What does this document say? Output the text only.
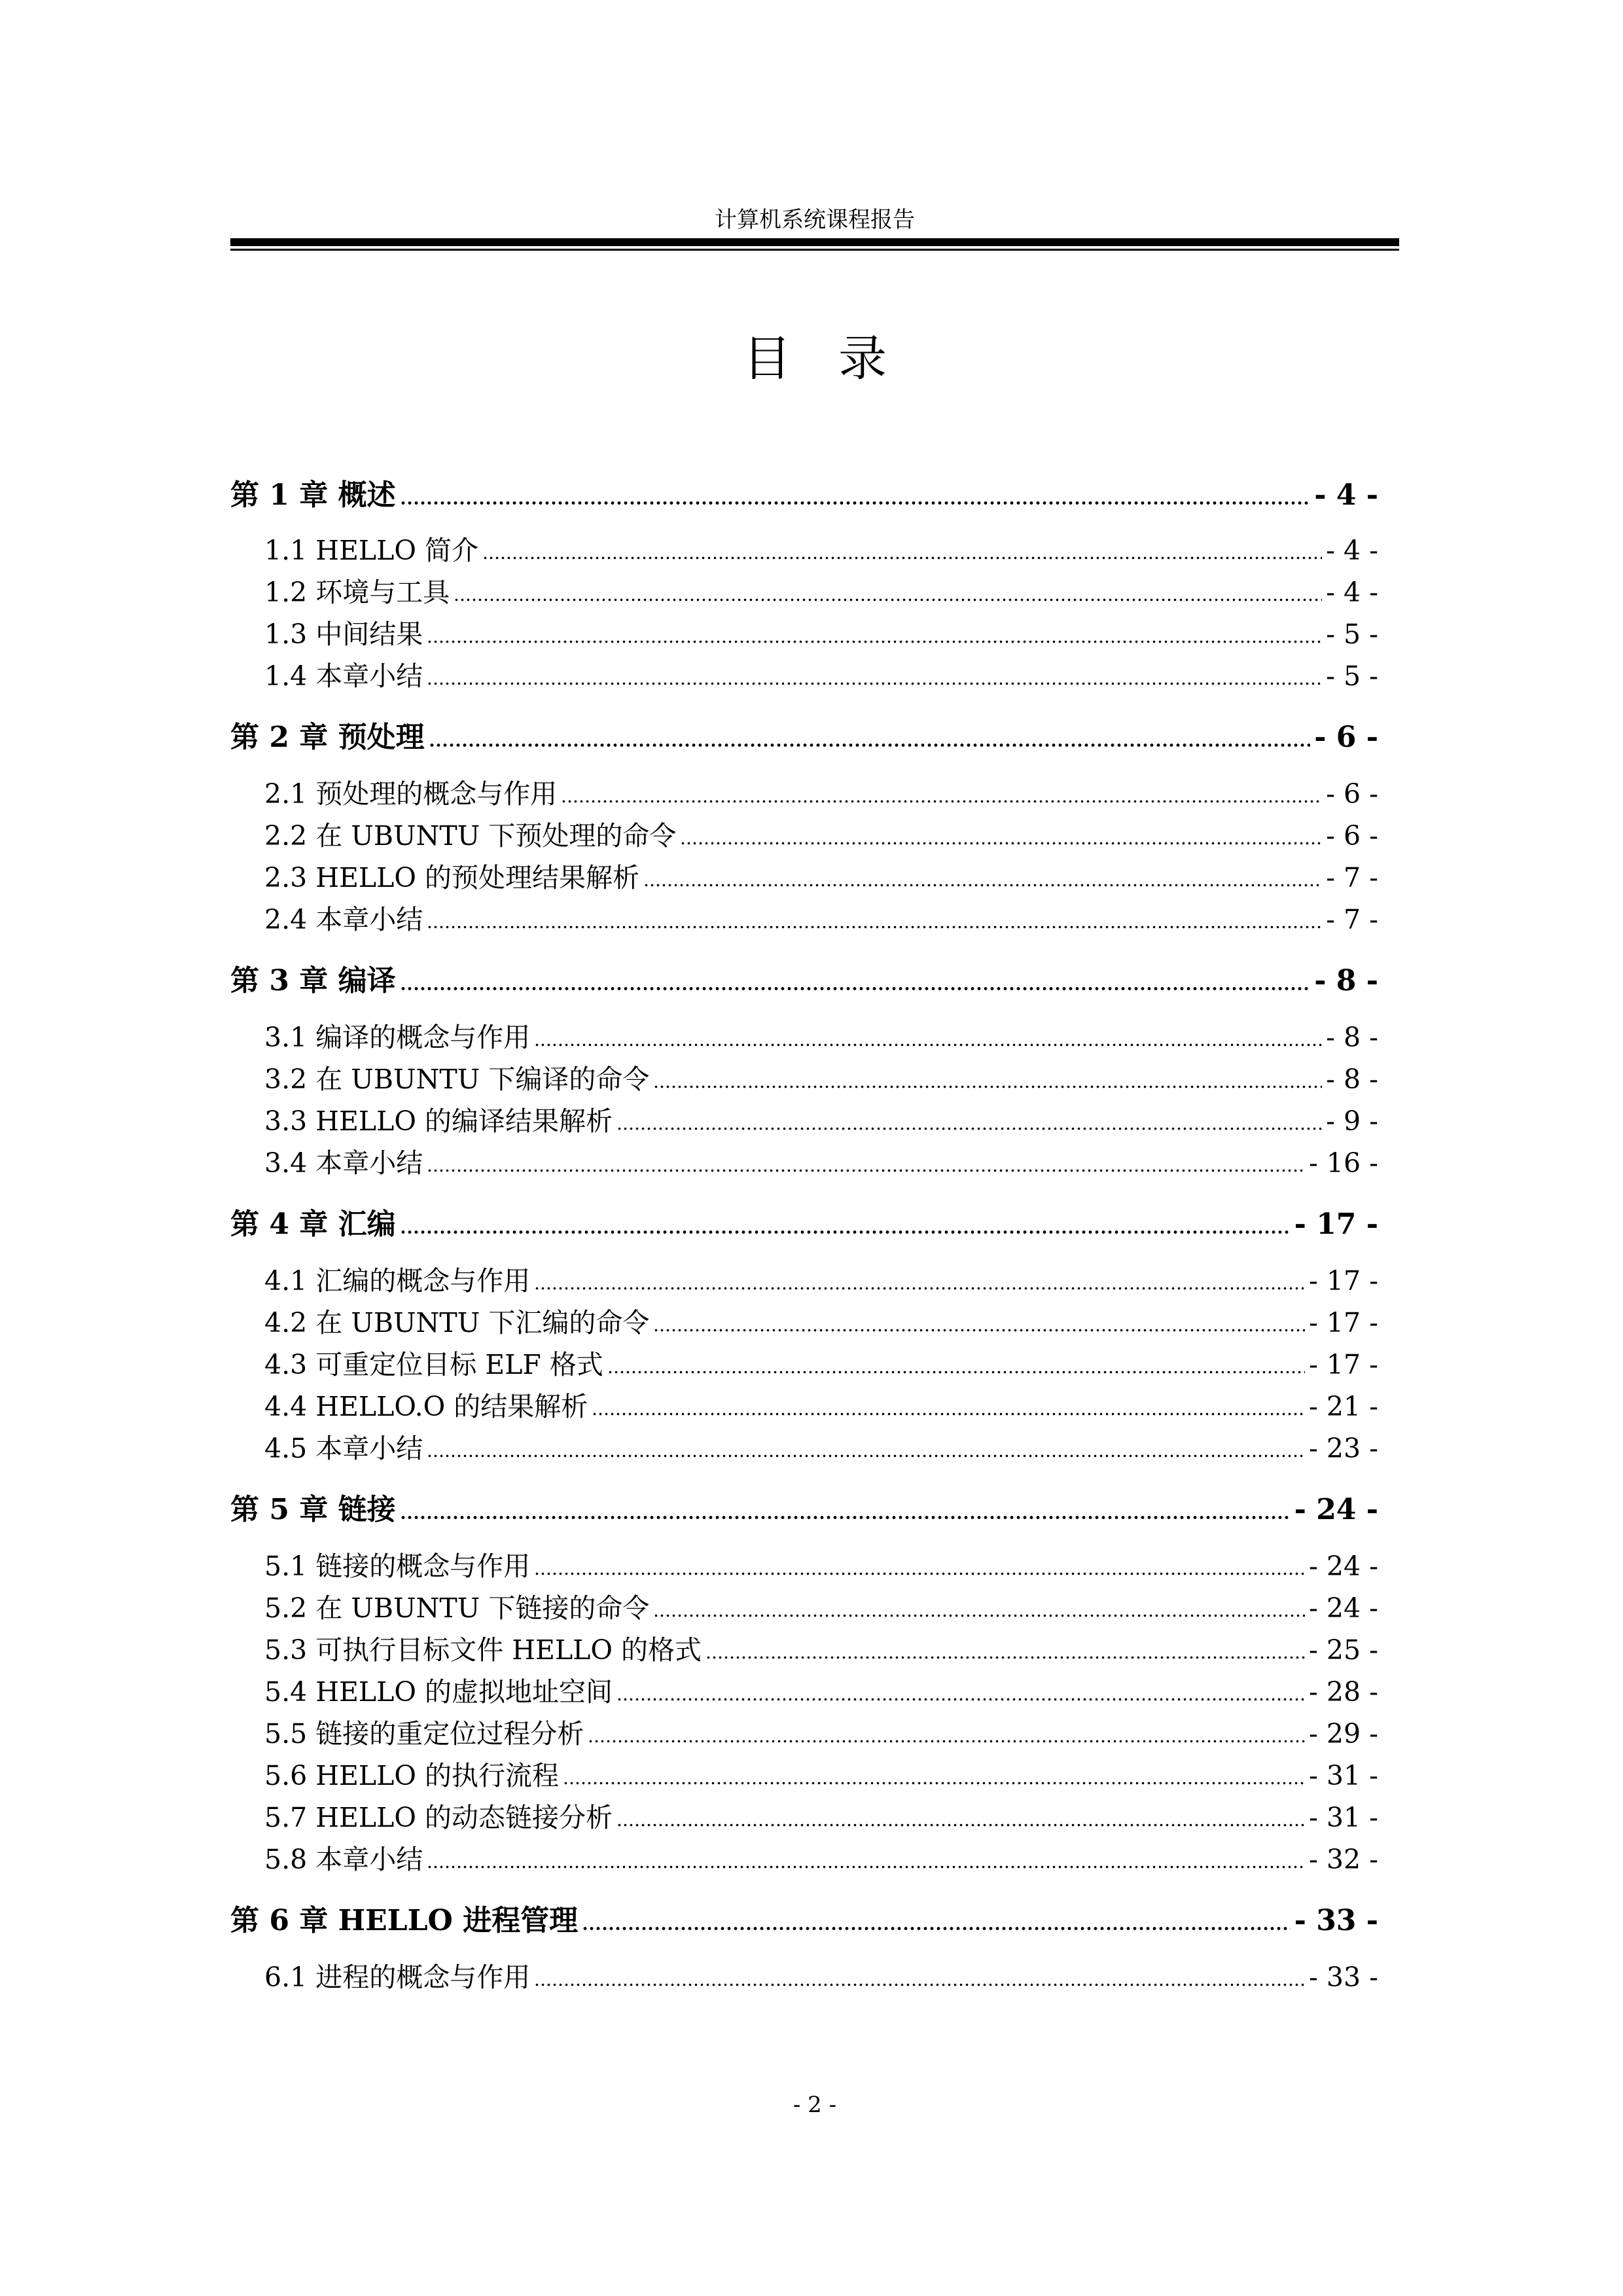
计算机系统课程报告
目录
第 1 章 概述	- 4 -
1.1 HELLO 简介	- 4 -
1.2 环境与工具	- 4 -
1.3 中间结果	- 5 -
1.4 本章小结	- 5 -
第 2 章 预处理	- 6 -
2.1 预处理的概念与作用	- 6 -
2.2 在 UBUNTU 下预处理的命令	- 6 -
2.3 HELLO 的预处理结果解析	- 7 -
2.4 本章小结	- 7 -
第 3 章 编译	- 8 -
3.1 编译的概念与作用	- 8 -
3.2 在 UBUNTU 下编译的命令	- 8 -
3.3 HELLO 的编译结果解析	- 9 -
3.4 本章小结	- 16 -
第 4 章 汇编	- 17 -
4.1 汇编的概念与作用	- 17 -
4.2 在 UBUNTU 下汇编的命令	- 17 -
4.3 可重定位目标 ELF 格式	- 17 -
4.4 HELLO.O 的结果解析	- 21 -
4.5 本章小结	- 23 -
第 5 章 链接	- 24 -
5.1 链接的概念与作用	- 24 -
5.2 在 UBUNTU 下链接的命令	- 24 -
5.3 可执行目标文件 HELLO 的格式	- 25 -
5.4 HELLO 的虚拟地址空间	- 28 -
5.5 链接的重定位过程分析	- 29 -
5.6 HELLO 的执行流程	- 31 -
5.7 HELLO 的动态链接分析	- 31 -
5.8 本章小结	- 32 -
第 6 章 HELLO 进程管理	- 33 -
6.1 进程的概念与作用	- 33 -
- 2 -
